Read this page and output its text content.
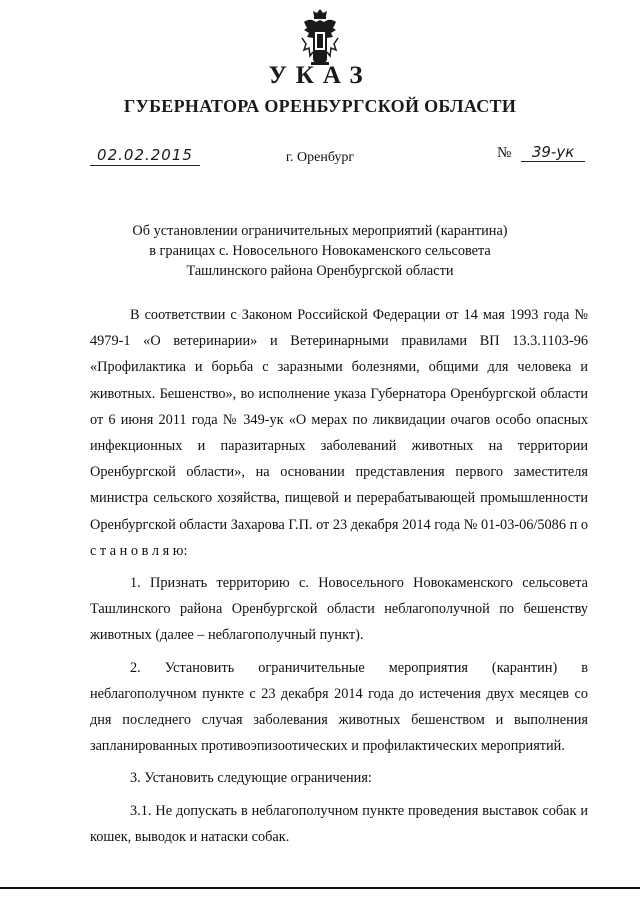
УКАЗ
ГУБЕРНАТОРА ОРЕНБУРГСКОЙ ОБЛАСТИ
02.02.2015	г. Оренбург	№ 39-ук
Об установлении ограничительных мероприятий (карантина)
в границах с. Новосельного Новокаменского сельсовета
Ташлинского района Оренбургской области

В соответствии с Законом Российской Федерации от 14 мая 1993 года № 4979-1 «О ветеринарии» и Ветеринарными правилами ВП 13.3.1103-96 «Профилактика и борьба с заразными болезнями, общими для человека и животных. Бешенство», во исполнение указа Губернатора Оренбургской области от 6 июня 2011 года № 349-ук «О мерах по ликвидации очагов особо опасных инфекционных и паразитарных заболеваний животных на территории Оренбургской области», на основании представления первого заместителя министра сельского хозяйства, пищевой и перерабатывающей промышленности Оренбургской области Захарова Г.П. от 23 декабря 2014 года № 01-03-06/5086 п о с т а н о в л я ю:

1. Признать территорию с. Новосельного Новокаменского сельсовета Ташлинского района Оренбургской области неблагополучной по бешенству животных (далее – неблагополучный пункт).

2. Установить ограничительные мероприятия (карантин) в неблагополучном пункте с 23 декабря 2014 года до истечения двух месяцев со дня последнего случая заболевания животных бешенством и выполнения запланированных противоэпизоотических и профилактических мероприятий.

3. Установить следующие ограничения:

3.1. Не допускать в неблагополучном пункте проведения выставок собак и кошек, выводок и натаски собак.
